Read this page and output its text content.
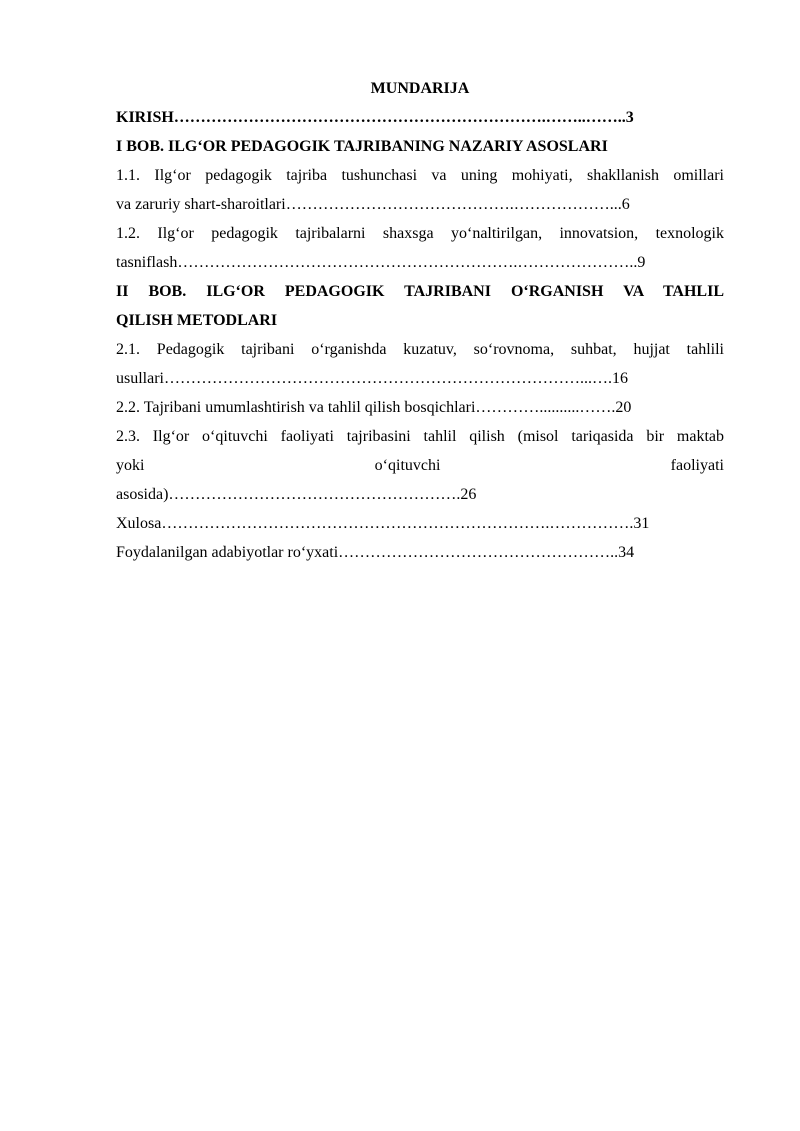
MUNDARIJA
KIRISH…………………………………………………………….……..……..3
I BOB. ILG‘OR PEDAGOGIK TAJRIBANING NAZARIY ASOSLARI
1.1. Ilg‘or pedagogik tajriba tushunchasi va uning mohiyati, shakllanish omillari
va zaruriy shart-sharoitlari…………………………………….………………...6
1.2. Ilg‘or pedagogik tajribalarni shaxsga yo‘naltirilgan, innovatsion, texnologik
tasniflash……………………………………………………….…………………..9
II BOB. ILG‘OR PEDAGOGIK TAJRIBANI O‘RGANISH VA TAHLIL
QILISH METODLARI
2.1. Pedagogik tajribani o‘rganishda kuzatuv, so‘rovnoma, suhbat, hujjat tahlili
usullari……………………………………………………………………...….16
2.2. Tajribani umumlashtirish va tahlil qilish bosqichlari…………..........…….20
2.3. Ilg‘or o‘qituvchi faoliyati tajribasini tahlil qilish (misol tariqasida bir maktab
yoki o‘qituvchi faoliyati
asosida)……………………………………………….26
Xulosa……………………………………………………………….…………….31
Foydalanilgan adabiyotlar ro‘yxati……………………………………………..34
